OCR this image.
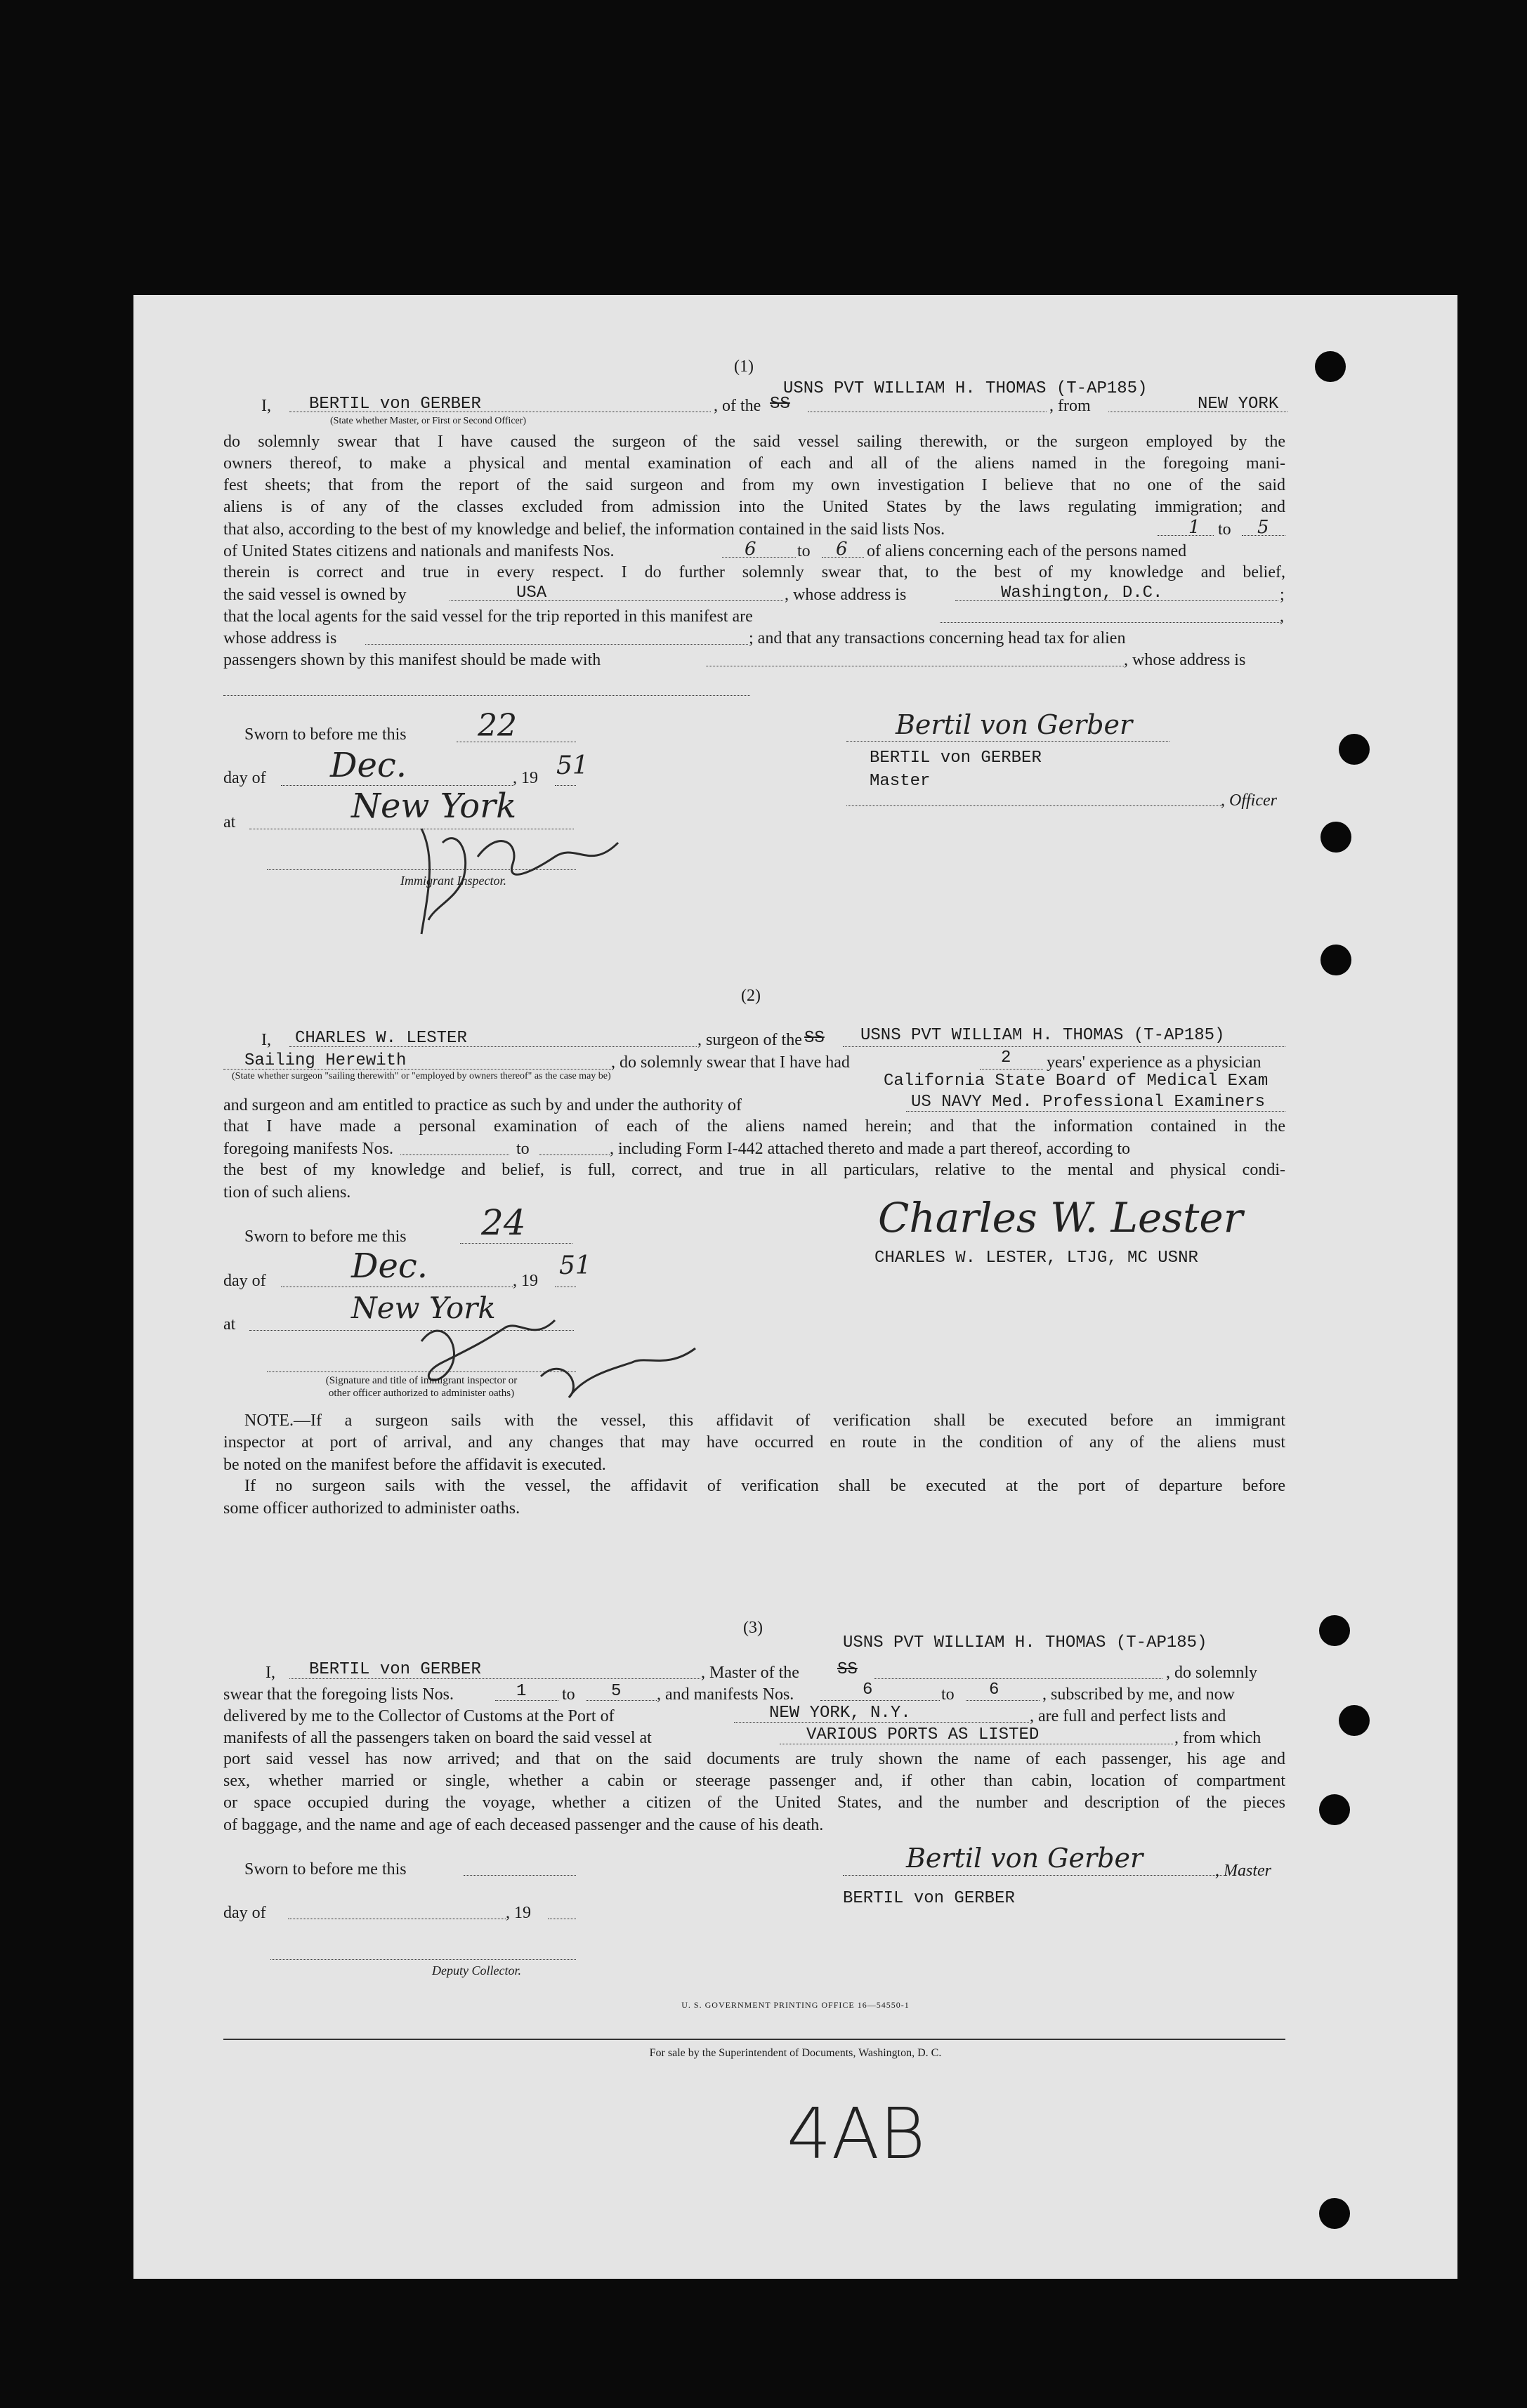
(1)
USNS PVT WILLIAM H. THOMAS (T-AP185)
I, BERTIL von GERBER	, of the SS	, from	NEW YORK
(State whether Master, or First or Second Officer)
do solemnly swear that I have caused the surgeon of the said vessel sailing therewith, or the surgeon employed by the
owners thereof, to make a physical and mental examination of each and all of the aliens named in the foregoing mani-
fest sheets; that from the report of the said surgeon and from my own investigation I believe that no one of the said
aliens is of any of the classes excluded from admission into the United States by the laws regulating immigration; and
that also, according to the best of my knowledge and belief, the information contained in the said lists Nos.	1 to 5
of United States citizens and nationals and manifests Nos.	6 to 6 of aliens concerning each of the persons named
therein is correct and true in every respect. I do further solemnly swear that, to the best of my knowledge and belief,
the said vessel is owned by	USA	, whose address is	Washington, D.C.	;
that the local agents for the said vessel for the trip reported in this manifest are	,
whose address is	; and that any transactions concerning head tax for alien
passengers shown by this manifest should be made with	, whose address is
Sworn to before me this 22
day of Dec.	, 19 51
at	New York
Immigrant Inspector.
Bertil von Gerber
BERTIL von GERBER
Master
, Officer
(2)
I, CHARLES W. LESTER	, surgeon of the SS USNS PVT WILLIAM H. THOMAS (T-AP185)
Sailing Herewith	, do solemnly swear that I have had	2 years' experience as a physician
(State whether surgeon "sailing therewith" or "employed by owners thereof" as the case may be)	California State Board of Medical Exam
and surgeon and am entitled to practice as such by and under the authority of	US NAVY Med. Professional Examiners
that I have made a personal examination of each of the aliens named herein; and that the information contained in the
foregoing manifests Nos.	to	, including Form I-442 attached thereto and made a part thereof, according to
the best of my knowledge and belief, is full, correct, and true in all particulars, relative to the mental and physical condi-
tion of such aliens.
Sworn to before me this 24
day of	Dec.	, 19
51
at	New York
(Signature and title of immigrant inspector or
other officer authorized to administer oaths)
Charles W. Lester
CHARLES W. LESTER, LTJG, MC USNR
NOTE.—If a surgeon sails with the vessel, this affidavit of verification shall be executed before an immigrant
inspector at port of arrival, and any changes that may have occurred en route in the condition of any of the aliens must
be noted on the manifest before the affidavit is executed.
If no surgeon sails with the vessel, the affidavit of verification shall be executed at the port of departure before
some officer authorized to administer oaths.
(3)
USNS PVT WILLIAM H. THOMAS (T-AP185)
I, BERTIL von GERBER	, Master of the SS	, do solemnly
swear that the foregoing lists Nos.	1 to 5 , and manifests Nos.	6	to 6	, subscribed by me, and now
delivered by me to the Collector of Customs at the Port of	NEW YORK, N.Y.	, are full and perfect lists and
manifests of all the passengers taken on board the said vessel at	VARIOUS PORTS AS LISTED	, from which
port said vessel has now arrived; and that on the said documents are truly shown the name of each passenger, his age and
sex, whether married or single, whether a cabin or steerage passenger and, if other than cabin, location of compartment
or space occupied during the voyage, whether a citizen of the United States, and the number and description of the pieces
of baggage, and the name and age of each deceased passenger and the cause of his death.
Sworn to before me this
day of	, 19
Deputy Collector.
Bertil von Gerber	, Master
BERTIL von GERBER
U. S. GOVERNMENT PRINTING OFFICE 16—54550-1
For sale by the Superintendent of Documents, Washington, D. C.
4AB
